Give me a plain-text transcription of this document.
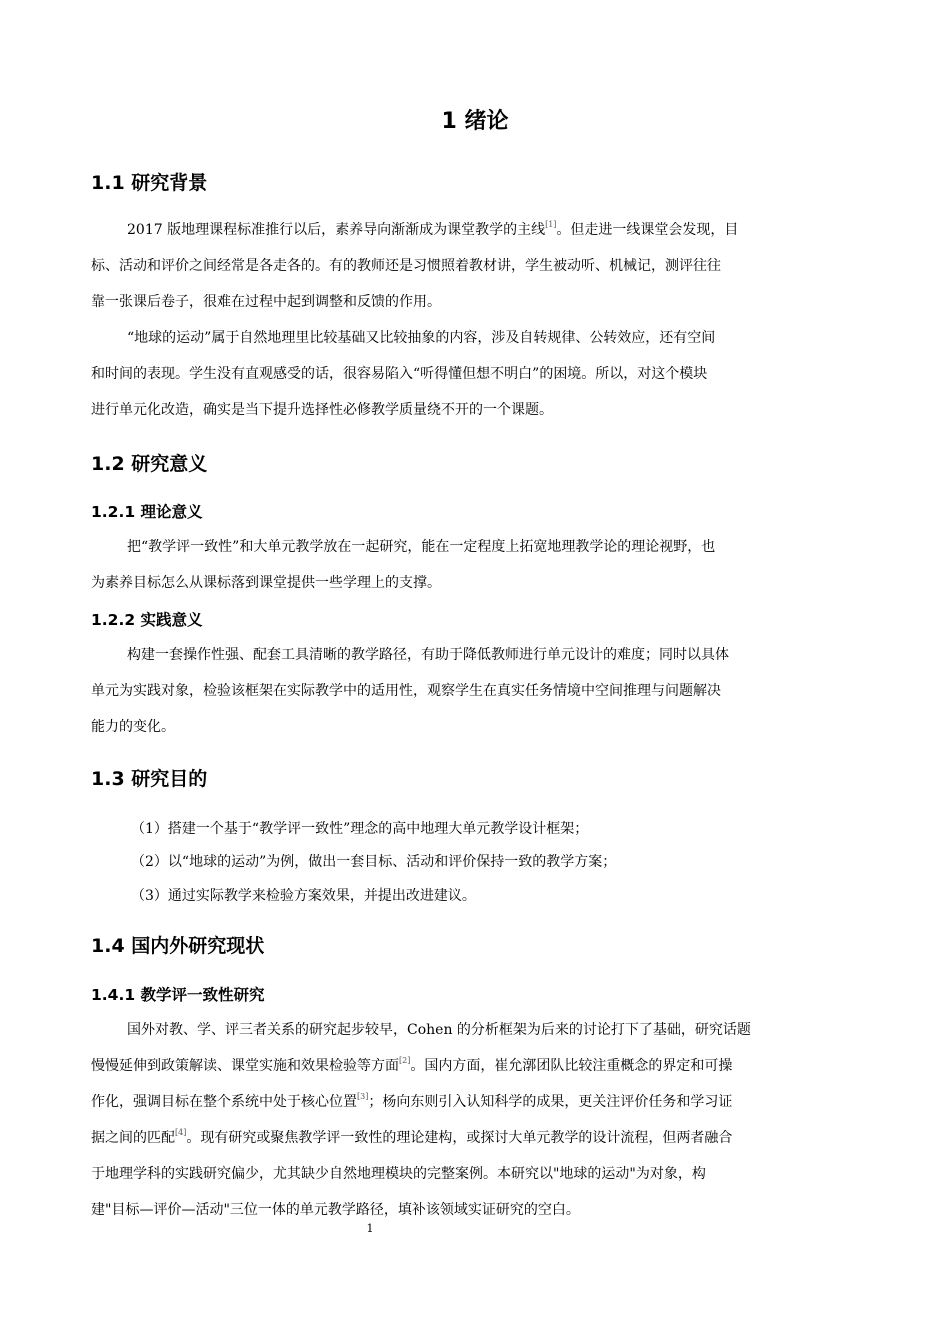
1 绪论
1.1 研究背景
2017 版地理课程标准推行以后，素养导向渐渐成为课堂教学的主线[1]。但走进一线课堂会发现，目
标、活动和评价之间经常是各走各的。有的教师还是习惯照着教材讲，学生被动听、机械记，测评往往
靠一张课后卷子，很难在过程中起到调整和反馈的作用。
“地球的运动”属于自然地理里比较基础又比较抽象的内容，涉及自转规律、公转效应，还有空间
和时间的表现。学生没有直观感受的话，很容易陷入“听得懂但想不明白”的困境。所以，对这个模块
进行单元化改造，确实是当下提升选择性必修教学质量绕不开的一个课题。
1.2 研究意义
1.2.1 理论意义
把“教学评一致性”和大单元教学放在一起研究，能在一定程度上拓宽地理教学论的理论视野，也
为素养目标怎么从课标落到课堂提供一些学理上的支撑。
1.2.2 实践意义
构建一套操作性强、配套工具清晰的教学路径，有助于降低教师进行单元设计的难度；同时以具体
单元为实践对象，检验该框架在实际教学中的适用性，观察学生在真实任务情境中空间推理与问题解决
能力的变化。
1.3 研究目的
（1）搭建一个基于“教学评一致性”理念的高中地理大单元教学设计框架；
（2）以“地球的运动”为例，做出一套目标、活动和评价保持一致的教学方案；
（3）通过实际教学来检验方案效果，并提出改进建议。
1.4 国内外研究现状
1.4.1 教学评一致性研究
国外对教、学、评三者关系的研究起步较早，Cohen 的分析框架为后来的讨论打下了基础，研究话题
慢慢延伸到政策解读、课堂实施和效果检验等方面[2]。国内方面，崔允漷团队比较注重概念的界定和可操
作化，强调目标在整个系统中处于核心位置[3]；杨向东则引入认知科学的成果，更关注评价任务和学习证
据之间的匹配[4]。现有研究或聚焦教学评一致性的理论建构，或探讨大单元教学的设计流程，但两者融合
于地理学科的实践研究偏少，尤其缺少自然地理模块的完整案例。本研究以"地球的运动"为对象，构
建"目标—评价—活动"三位一体的单元教学路径，填补该领域实证研究的空白。
1
